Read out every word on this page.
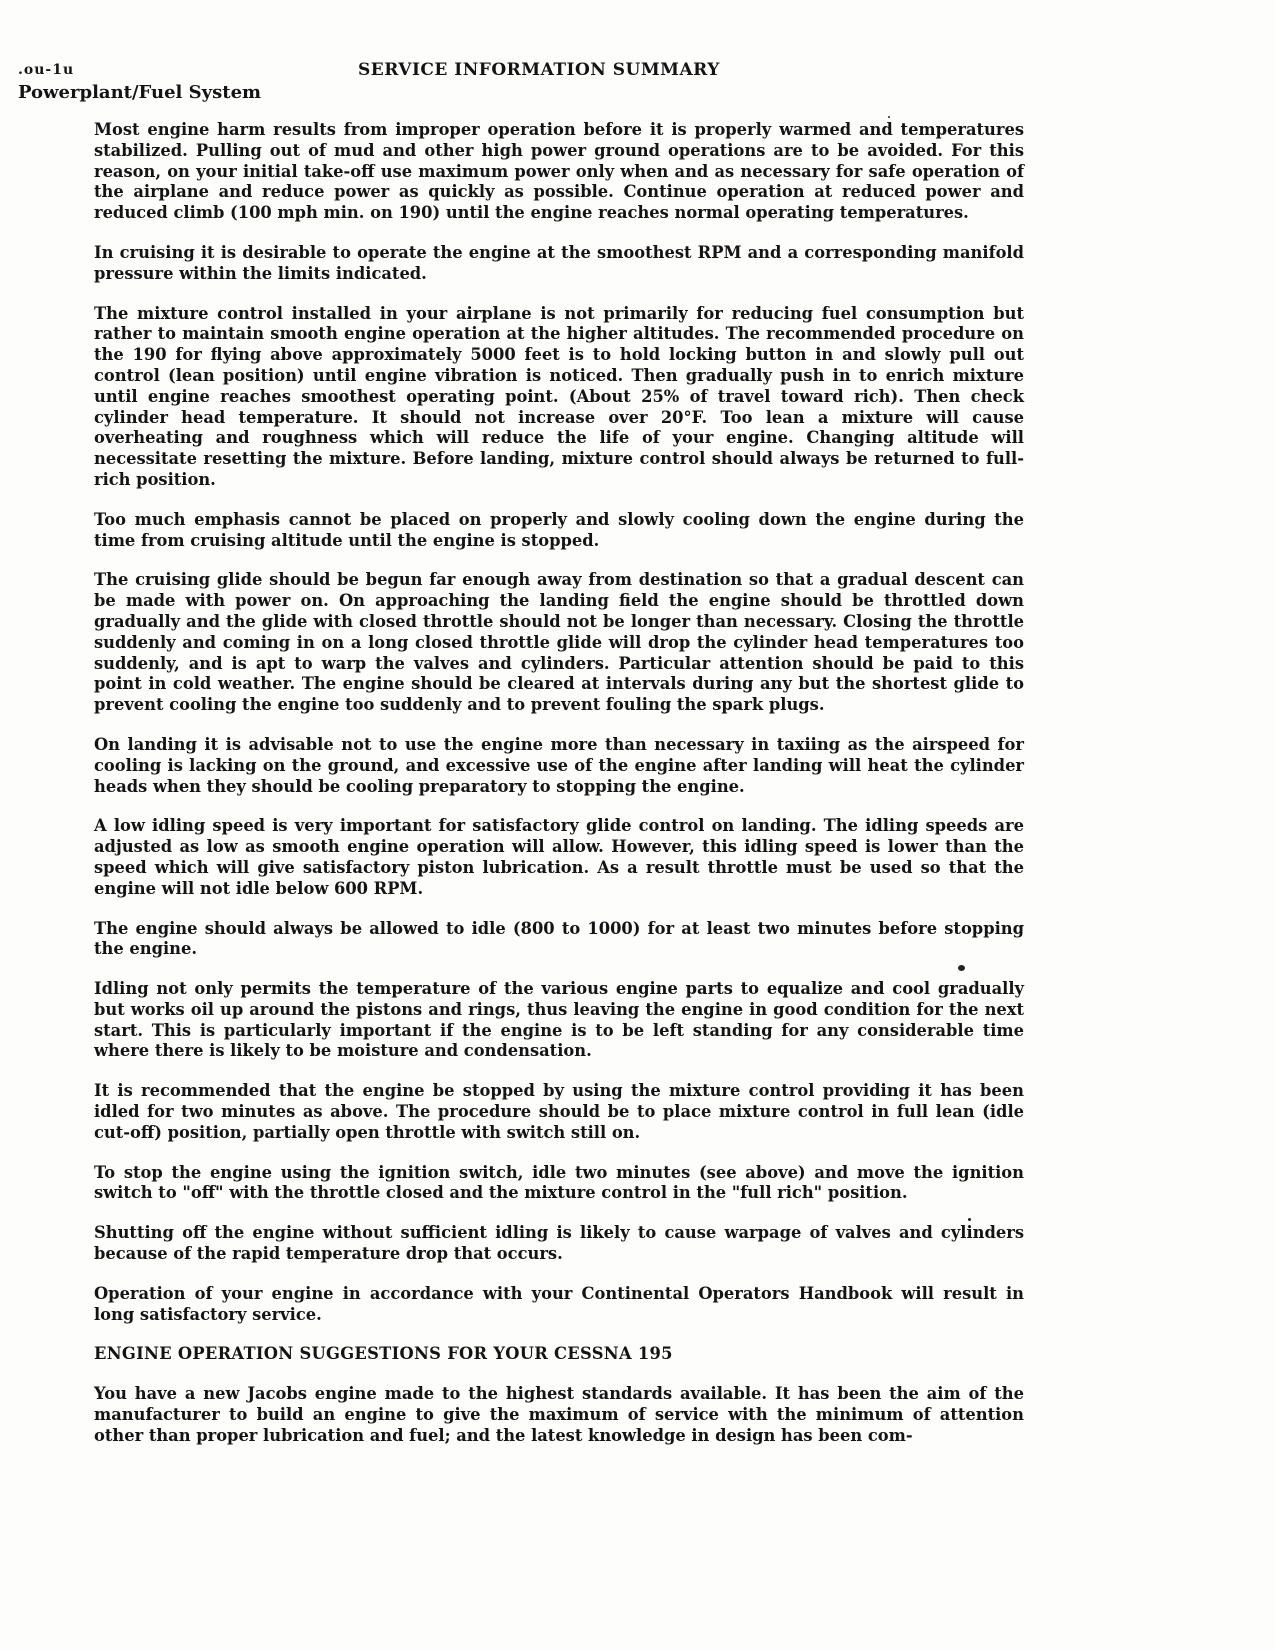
.ou-1u	SERVICE INFORMATION SUMMARY
Powerplant/Fuel System

Most engine harm results from improper operation before it is properly warmed and temperatures stabilized. Pulling out of mud and other high power ground operations are to be avoided. For this reason, on your initial take-off use maximum power only when and as necessary for safe operation of the airplane and reduce power as quickly as possible. Continue operation at reduced power and reduced climb (100 mph min. on 190) until the engine reaches normal operating temperatures.

In cruising it is desirable to operate the engine at the smoothest RPM and a corresponding manifold pressure within the limits indicated.

The mixture control installed in your airplane is not primarily for reducing fuel consumption but rather to maintain smooth engine operation at the higher altitudes. The recommended procedure on the 190 for flying above approximately 5000 feet is to hold locking button in and slowly pull out control (lean position) until engine vibration is noticed. Then gradually push in to enrich mixture until engine reaches smoothest operating point. (About 25% of travel toward rich). Then check cylinder head temperature. It should not increase over 20°F. Too lean a mixture will cause overheating and roughness which will reduce the life of your engine. Changing altitude will necessitate resetting the mixture. Before landing, mixture control should always be returned to full-rich position.

Too much emphasis cannot be placed on properly and slowly cooling down the engine during the time from cruising altitude until the engine is stopped.

The cruising glide should be begun far enough away from destination so that a gradual descent can be made with power on. On approaching the landing field the engine should be throttled down gradually and the glide with closed throttle should not be longer than necessary. Closing the throttle suddenly and coming in on a long closed throttle glide will drop the cylinder head temperatures too suddenly, and is apt to warp the valves and cylinders. Particular attention should be paid to this point in cold weather. The engine should be cleared at intervals during any but the shortest glide to prevent cooling the engine too suddenly and to prevent fouling the spark plugs.

On landing it is advisable not to use the engine more than necessary in taxiing as the airspeed for cooling is lacking on the ground, and excessive use of the engine after landing will heat the cylinder heads when they should be cooling preparatory to stopping the engine.

A low idling speed is very important for satisfactory glide control on landing. The idling speeds are adjusted as low as smooth engine operation will allow. However, this idling speed is lower than the speed which will give satisfactory piston lubrication. As a result throttle must be used so that the engine will not idle below 600 RPM.

The engine should always be allowed to idle (800 to 1000) for at least two minutes before stopping the engine.

Idling not only permits the temperature of the various engine parts to equalize and cool gradually but works oil up around the pistons and rings, thus leaving the engine in good condition for the next start. This is particularly important if the engine is to be left standing for any considerable time where there is likely to be moisture and condensation.

It is recommended that the engine be stopped by using the mixture control providing it has been idled for two minutes as above. The procedure should be to place mixture control in full lean (idle cut-off) position, partially open throttle with switch still on.

To stop the engine using the ignition switch, idle two minutes (see above) and move the ignition switch to "off" with the throttle closed and the mixture control in the "full rich" position.

Shutting off the engine without sufficient idling is likely to cause warpage of valves and cylinders because of the rapid temperature drop that occurs.

Operation of your engine in accordance with your Continental Operators Handbook will result in long satisfactory service.

ENGINE OPERATION SUGGESTIONS FOR YOUR CESSNA 195

You have a new Jacobs engine made to the highest standards available. It has been the aim of the manufacturer to build an engine to give the maximum of service with the minimum of attention other than proper lubrication and fuel; and the latest knowledge in design has been com-
